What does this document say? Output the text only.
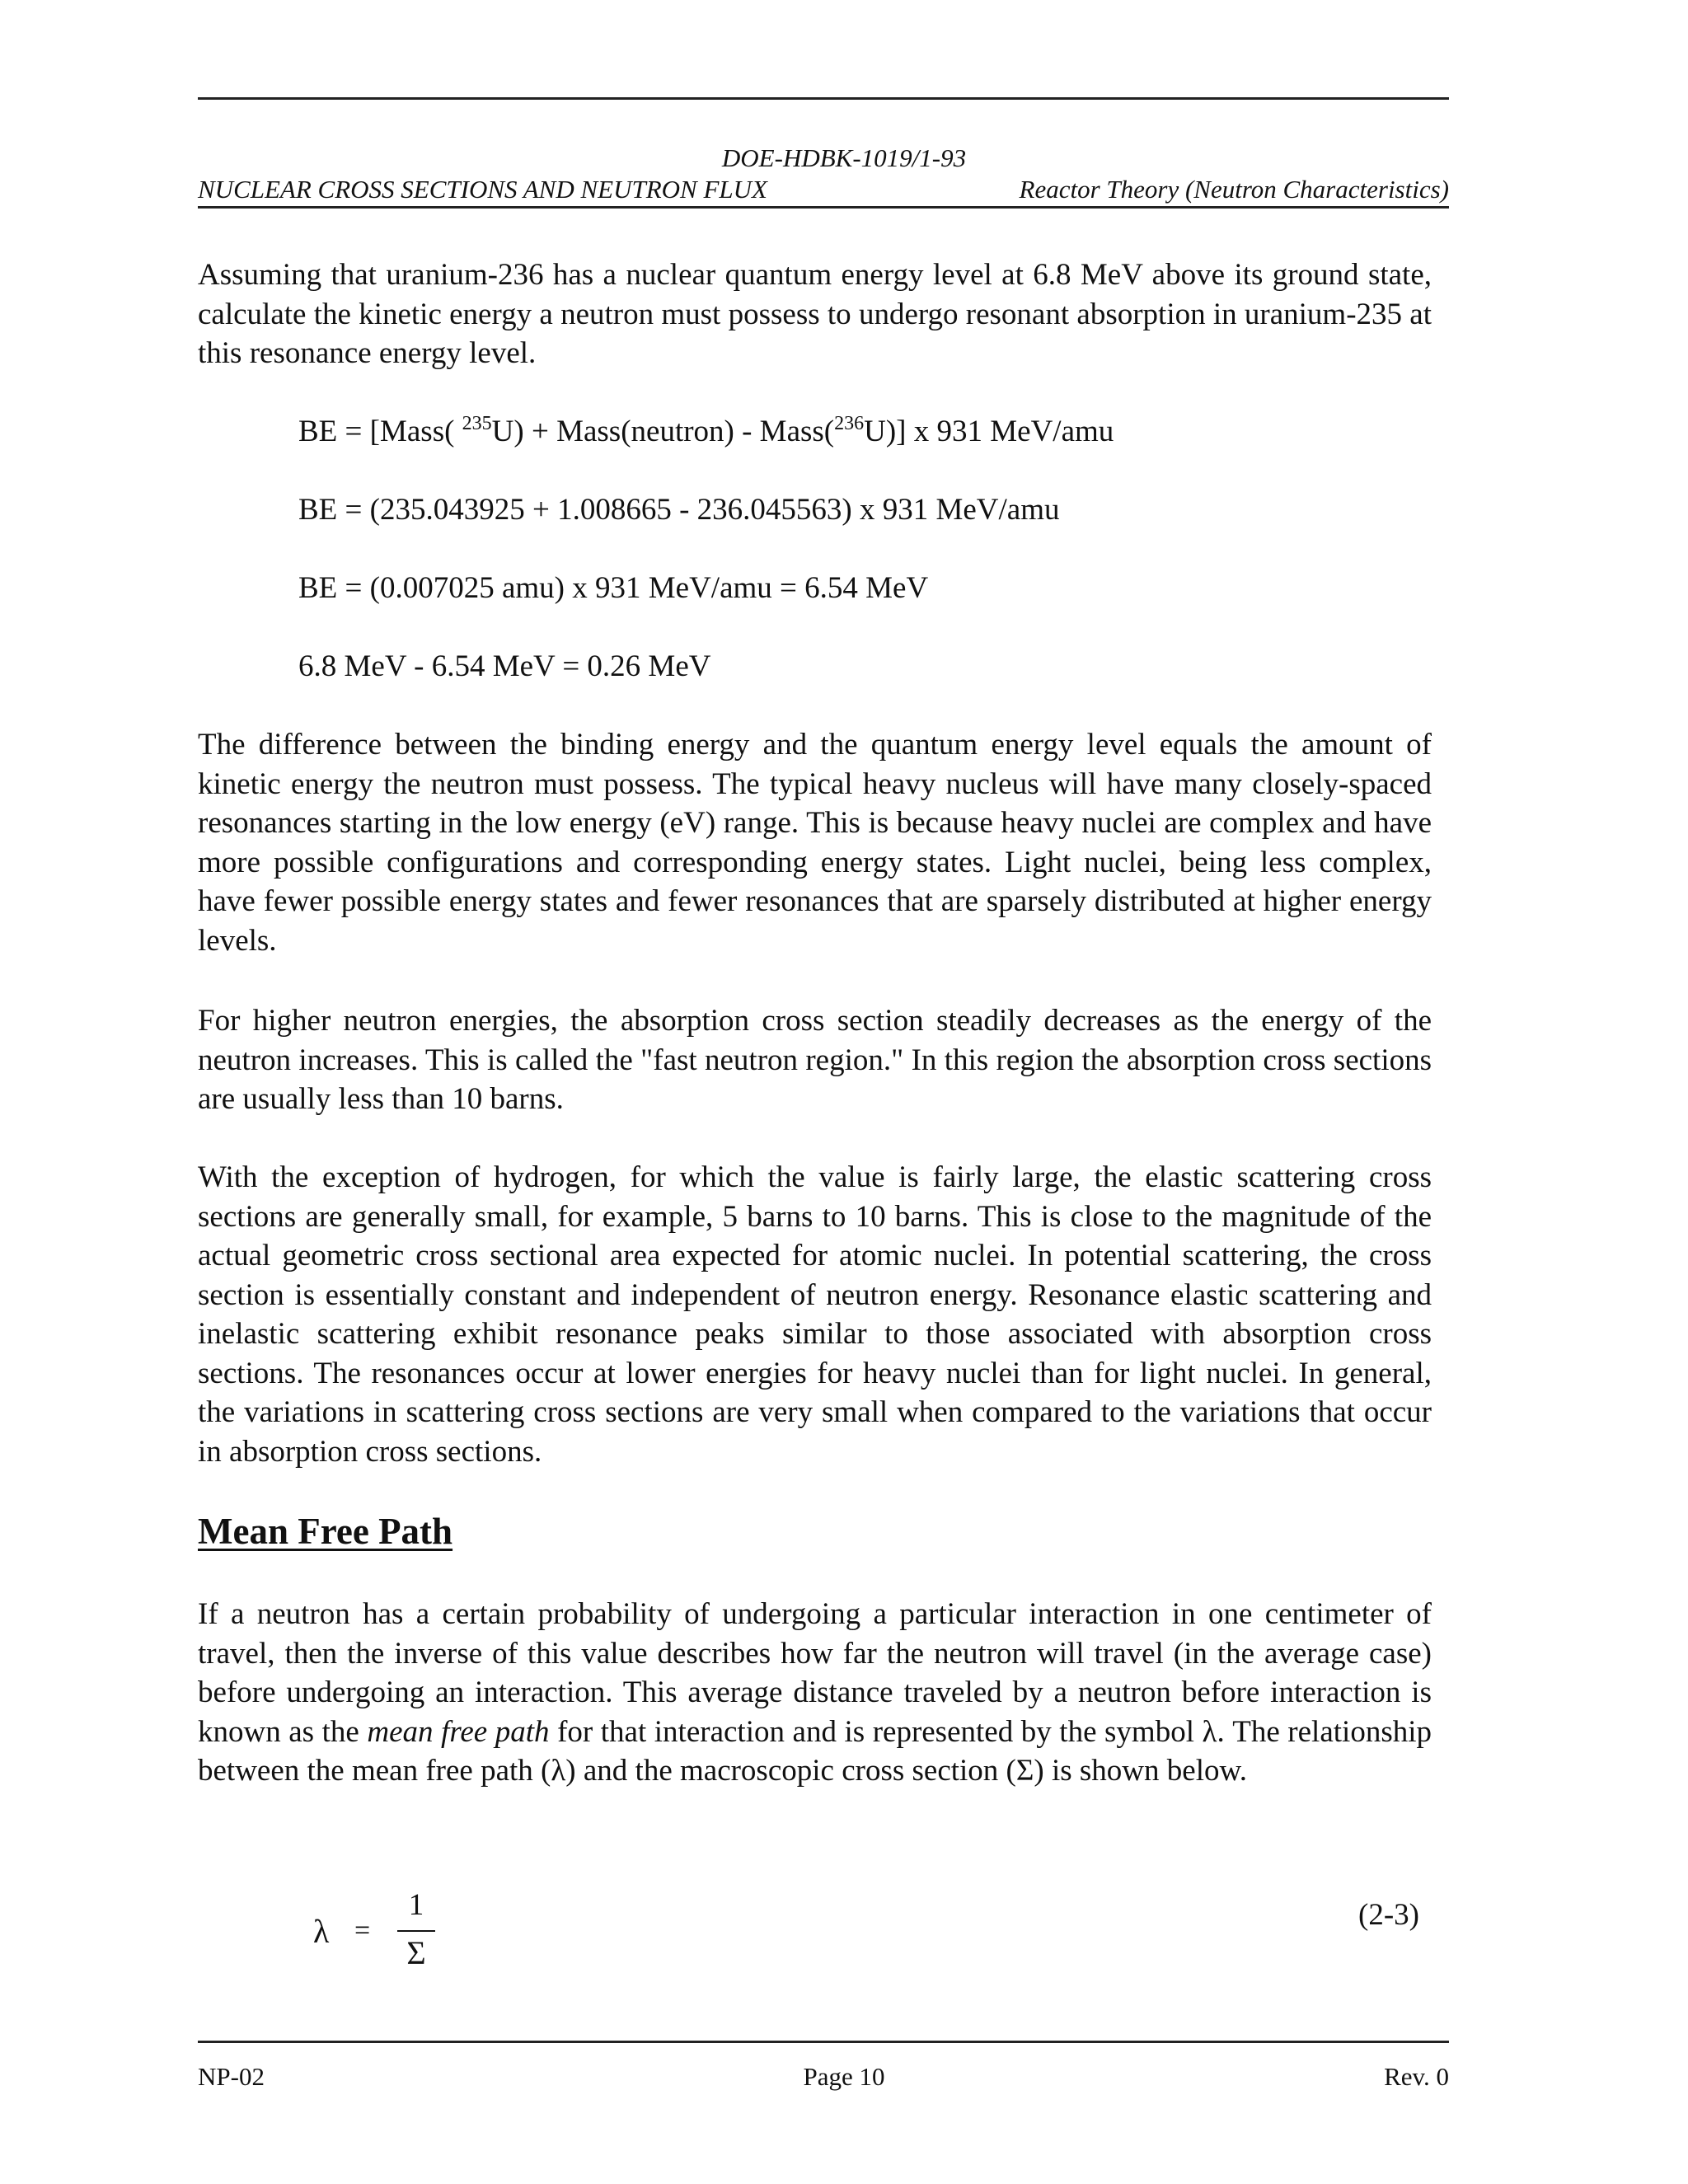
DOE-HDBK-1019/1-93
NUCLEAR CROSS SECTIONS AND NEUTRON FLUX	Reactor Theory (Neutron Characteristics)

Assuming that uranium-236 has a nuclear quantum energy level at 6.8 MeV above its ground state, calculate the kinetic energy a neutron must possess to undergo resonant absorption in uranium-235 at this resonance energy level.

BE = [Mass( $^{235}$U) + Mass(neutron) - Mass($^{236}$U)] x 931 MeV/amu
BE = (235.043925 + 1.008665 - 236.045563) x 931 MeV/amu
BE = (0.007025 amu) x 931 MeV/amu = 6.54 MeV
6.8 MeV - 6.54 MeV = 0.26 MeV

The difference between the binding energy and the quantum energy level equals the amount of kinetic energy the neutron must possess. The typical heavy nucleus will have many closely-spaced resonances starting in the low energy (eV) range. This is because heavy nuclei are complex and have more possible configurations and corresponding energy states. Light nuclei, being less complex, have fewer possible energy states and fewer resonances that are sparsely distributed at higher energy levels.

For higher neutron energies, the absorption cross section steadily decreases as the energy of the neutron increases. This is called the "fast neutron region." In this region the absorption cross sections are usually less than 10 barns.

With the exception of hydrogen, for which the value is fairly large, the elastic scattering cross sections are generally small, for example, 5 barns to 10 barns. This is close to the magnitude of the actual geometric cross sectional area expected for atomic nuclei. In potential scattering, the cross section is essentially constant and independent of neutron energy. Resonance elastic scattering and inelastic scattering exhibit resonance peaks similar to those associated with absorption cross sections. The resonances occur at lower energies for heavy nuclei than for light nuclei. In general, the variations in scattering cross sections are very small when compared to the variations that occur in absorption cross sections.

Mean Free Path

If a neutron has a certain probability of undergoing a particular interaction in one centimeter of travel, then the inverse of this value describes how far the neutron will travel (in the average case) before undergoing an interaction. This average distance traveled by a neutron before interaction is known as the mean free path for that interaction and is represented by the symbol λ. The relationship between the mean free path (λ) and the macroscopic cross section (Σ) is shown below.

λ =
1
Σ
(2-3)
NP-02	Page 10	Rev. 0
